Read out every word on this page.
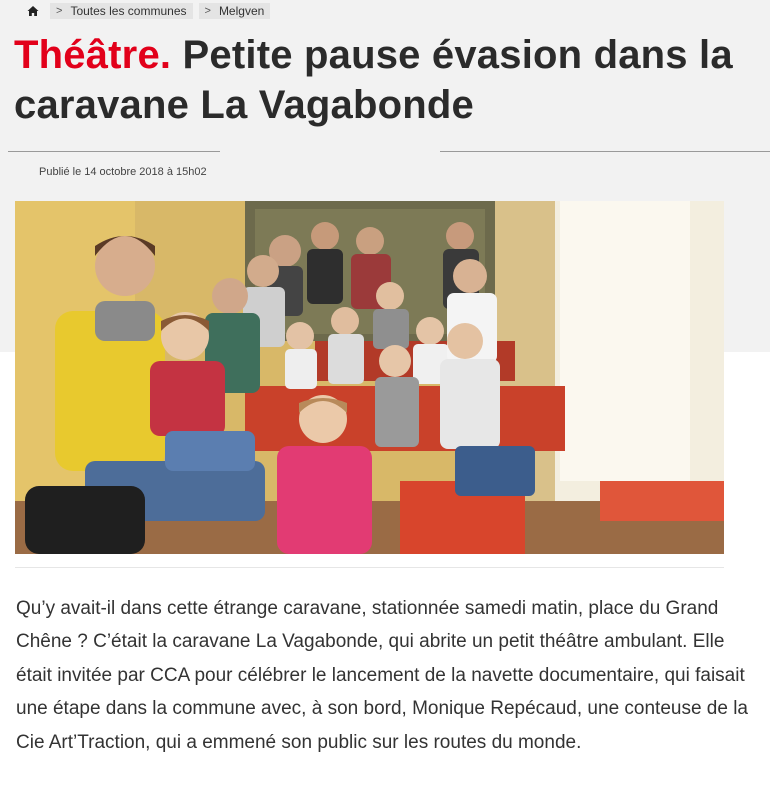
> Toutes les communes > Melgven
Théâtre. Petite pause évasion dans la caravane La Vagabonde
Publié le 14 octobre 2018 à 15h02

Qu’y avait-il dans cette étrange caravane, stationnée samedi matin, place du Grand Chêne ? C’était la caravane La Vagabonde, qui abrite un petit théâtre ambulant. Elle était invitée par CCA pour célébrer le lancement de la navette documentaire, qui faisait une étape dans la commune avec, à son bord, Monique Repécaud, une conteuse de la Cie Art’Traction, qui a emmené son public sur les routes du monde.
